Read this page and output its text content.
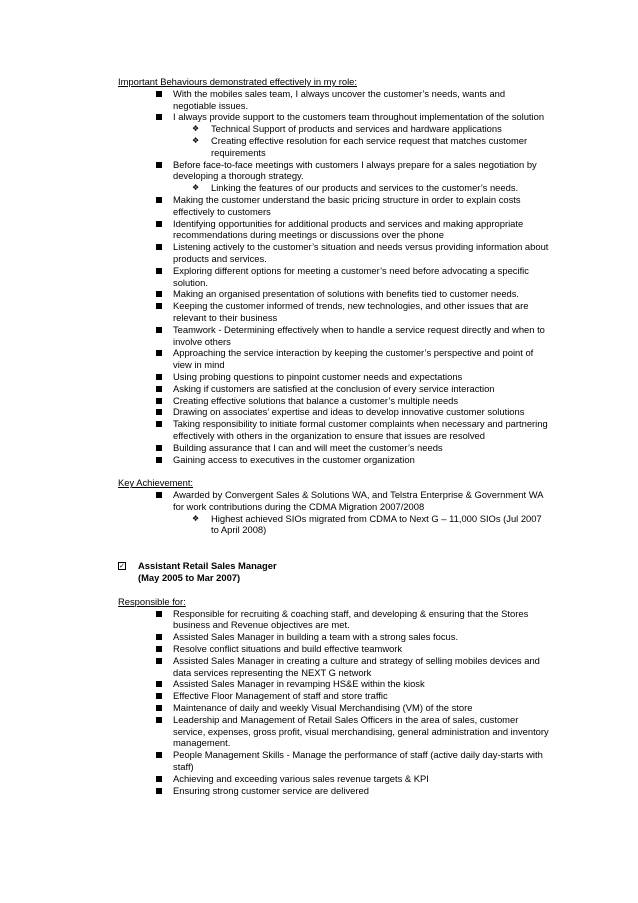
Important Behaviours demonstrated effectively in my role:
With the mobiles sales team, I always uncover the customer’s needs, wants and negotiable issues.
I always provide support to the customers team throughout implementation of the solution
❖ Technical Support of products and services and hardware applications
❖ Creating effective resolution for each service request that matches customer requirements
Before face-to-face meetings with customers I always prepare for a sales negotiation by developing a thorough strategy.
❖ Linking the features of our products and services to the customer’s needs.
Making the customer understand the basic pricing structure in order to explain costs effectively to customers
Identifying opportunities for additional products and services and making appropriate recommendations during meetings or discussions over the phone
Listening actively to the customer’s situation and needs versus providing information about products and services.
Exploring different options for meeting a customer’s need before advocating a specific solution.
Making an organised presentation of solutions with benefits tied to customer needs.
Keeping the customer informed of trends, new technologies, and other issues that are relevant to their business
Teamwork - Determining effectively when to handle a service request directly and when to involve others
Approaching the service interaction by keeping the customer’s perspective and point of view in mind
Using probing questions to pinpoint customer needs and expectations
Asking if customers are satisfied at the conclusion of every service interaction
Creating effective solutions that balance a customer’s multiple needs
Drawing on associates’ expertise and ideas to develop innovative customer solutions
Taking responsibility to initiate formal customer complaints when necessary and partnering effectively with others in the organization to ensure that issues are resolved
Building assurance that I can and will meet the customer’s needs
Gaining access to executives in the customer organization
Key Achievement:
Awarded by Convergent Sales & Solutions WA, and Telstra Enterprise & Government WA for work contributions during the CDMA Migration 2007/2008
❖ Highest achieved SIOs migrated from CDMA to Next G – 11,000 SIOs (Jul 2007 to April 2008)
✓ Assistant Retail Sales Manager
(May 2005 to Mar 2007)
Responsible for:
Responsible for recruiting & coaching staff, and developing & ensuring that the Stores business and Revenue objectives are met.
Assisted Sales Manager in building a team with a strong sales focus.
Resolve conflict situations and build effective teamwork
Assisted Sales Manager in creating a culture and strategy of selling mobiles devices and data services representing the NEXT G network
Assisted Sales Manager in revamping HS&E within the kiosk
Effective Floor Management of staff and store traffic
Maintenance of daily and weekly Visual Merchandising (VM) of the store
Leadership and Management of Retail Sales Officers in the area of sales, customer service, expenses, gross profit, visual merchandising, general administration and inventory management.
People Management Skills - Manage the performance of staff (active daily day-starts with staff)
Achieving and exceeding various sales revenue targets & KPI
Ensuring strong customer service are delivered
